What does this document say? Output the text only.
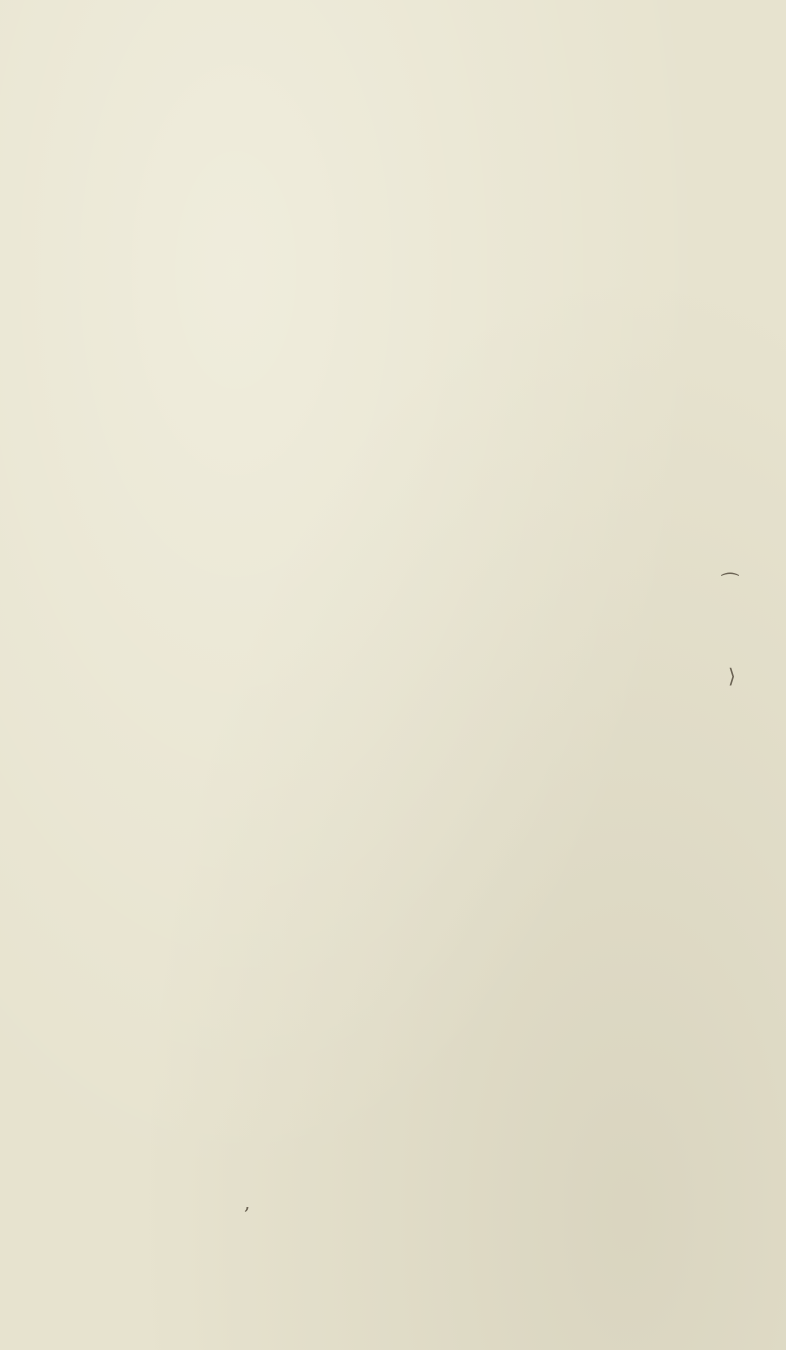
⁀
⟩
,
